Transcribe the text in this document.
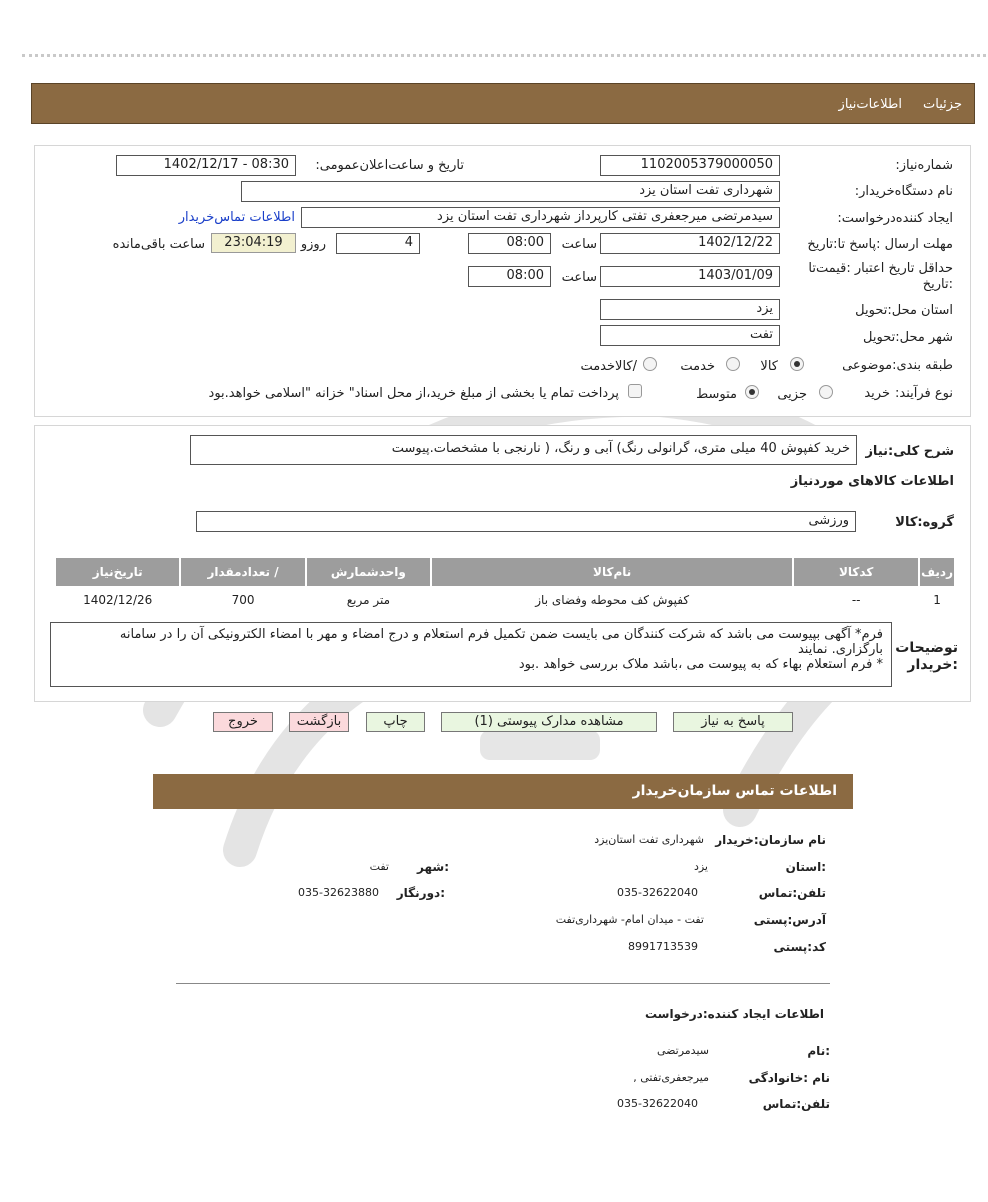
جزئیات
اطلاعات‌نیاز
شماره‌نیاز:
1102005379000050
تاریخ و ساعت‌اعلان‌عمومی:
1402/12/17 - 08:30
نام دستگاه‌خریدار:
شهرداری تفت استان یزد
ایجاد کننده‌درخواست:
سیدمرتضی میرجعفری تفتی کارپرداز شهرداری تفت استان یزد
اطلاعات تماس‌خریدار
مهلت ارسال :پاسخ تا:تاریخ
1402/12/22
ساعت
08:00
4
روزو
23:04:19
ساعت باقی‌مانده
حداقل تاریخ اعتبار :قیمت‌تا
:تاریخ
1403/01/09
ساعت
08:00
استان محل:تحویل
یزد
شهر محل:تحویل
تفت
طبقه بندی:موضوعی
کالا
خدمت
/کالاخدمت
نوع فرآیند:
خرید
جزیی
متوسط
پرداخت تمام یا بخشی از مبلغ خرید،از محل اسناد" خزانه "اسلامی خواهد.بود
شرح کلی:نیاز
خرید کفپوش 40 میلی متری، گرانولی رنگ) آبی و رنگ، ( نارنجی با مشخصات.پیوست
اطلاعات کالاهای موردنیاز
گروه:کالا
ورزشی
ردیف	کدکالا	نام‌کالا	واحدشمارش	/ تعدادمقدار	تاریخ‌نیاز
1	--	کفپوش کف محوطه وفضای باز	متر مربع	700	1402/12/26
توضیحات
:خریدار
فرم* آگهی بپیوست می باشد که شرکت کنندگان می بایست ضمن تکمیل فرم استعلام و درج امضاء و مهر با امضاء الکترونیکی آن را در سامانه
بارگزاری. نمایند
* فرم استعلام بهاء که به پیوست می ،باشد ملاک بررسی خواهد .بود
پاسخ به نیاز
مشاهده مدارک پیوستی (1)
چاپ
بازگشت
خروج
اطلاعات تماس سازمان‌خریدار
نام سازمان:خریدار
شهرداری تفت استان‌یزد
:استان
یزد
:شهر
تفت
تلفن:تماس
035-32622040
:دورنگار
035-32623880
آدرس:پستی
تفت - میدان امام- شهرداری‌تفت
کد:پستی
8991713539
اطلاعات ایجاد کننده:درخواست
:نام
سیدمرتضی
نام :خانوادگی
میرجعفری‌تفتی ,
تلفن:تماس
035-32622040
